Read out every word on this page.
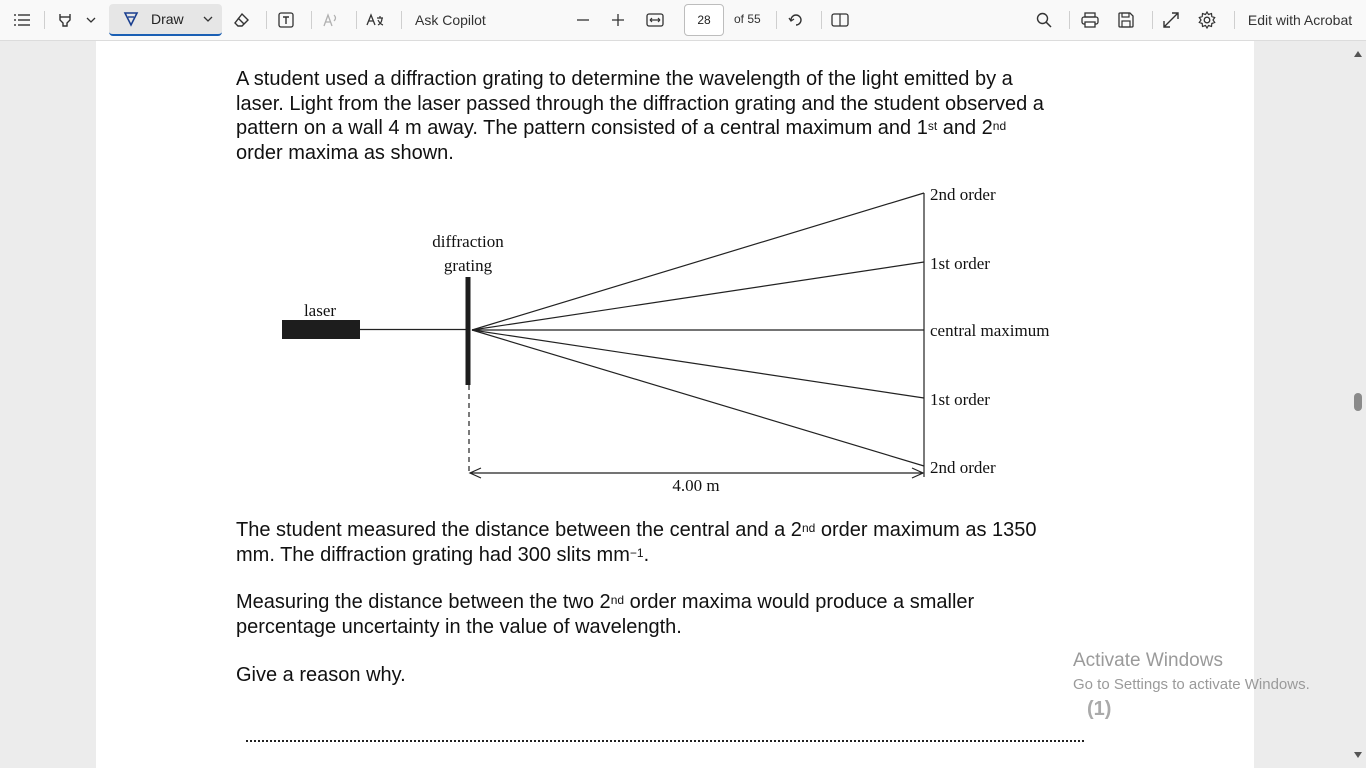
Draw	Ask Copilot	28	of 55	Edit with Acrobat
A student used a diffraction grating to determine the wavelength of the light emitted by a
laser. Light from the laser passed through the diffraction grating and the student observed a
pattern on a wall 4 m away. The pattern consisted of a central maximum and 1st and 2nd
order maxima as shown.
diffraction
grating
laser
2nd order
1st order
central maximum
1st order
2nd order
4.00 m
The student measured the distance between the central and a 2nd order maximum as 1350
mm. The diffraction grating had 300 slits $mm^{-1}$.
Measuring the distance between the two 2nd order maxima would produce a smaller
percentage uncertainty in the value of wavelength.
Give a reason why.
(1)
Activate Windows
Go to Settings to activate Windows.
